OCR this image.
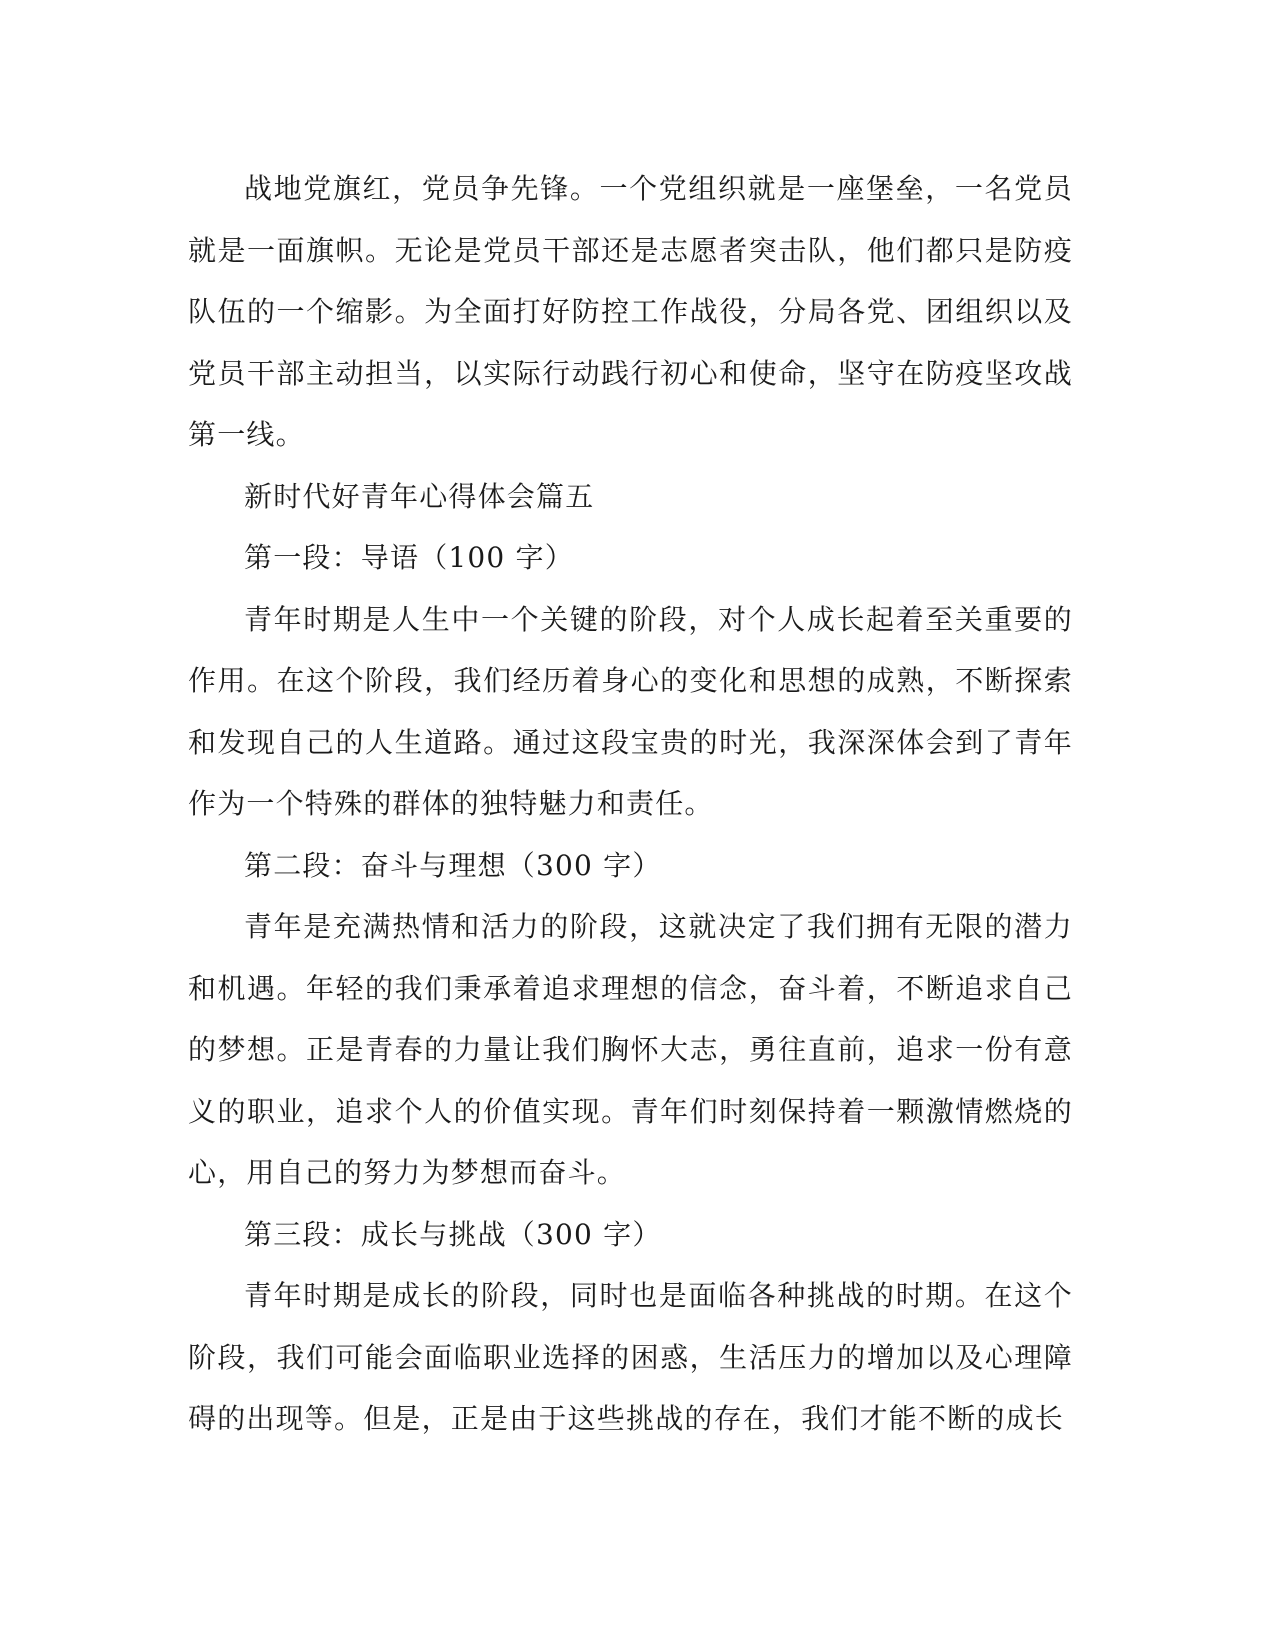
战地党旗红，党员争先锋。一个党组织就是一座堡垒，一名党员就是一面旗帜。无论是党员干部还是志愿者突击队，他们都只是防疫队伍的一个缩影。为全面打好防控工作战役，分局各党、团组织以及党员干部主动担当，以实际行动践行初心和使命，坚守在防疫坚攻战第一线。

新时代好青年心得体会篇五

第一段：导语（100 字）

青年时期是人生中一个关键的阶段，对个人成长起着至关重要的作用。在这个阶段，我们经历着身心的变化和思想的成熟，不断探索和发现自己的人生道路。通过这段宝贵的时光，我深深体会到了青年作为一个特殊的群体的独特魅力和责任。

第二段：奋斗与理想（300 字）

青年是充满热情和活力的阶段，这就决定了我们拥有无限的潜力和机遇。年轻的我们秉承着追求理想的信念，奋斗着，不断追求自己的梦想。正是青春的力量让我们胸怀大志，勇往直前，追求一份有意义的职业，追求个人的价值实现。青年们时刻保持着一颗激情燃烧的心，用自己的努力为梦想而奋斗。

第三段：成长与挑战（300 字）

青年时期是成长的阶段，同时也是面临各种挑战的时期。在这个阶段，我们可能会面临职业选择的困惑，生活压力的增加以及心理障碍的出现等。但是，正是由于这些挑战的存在，我们才能不断的成长
